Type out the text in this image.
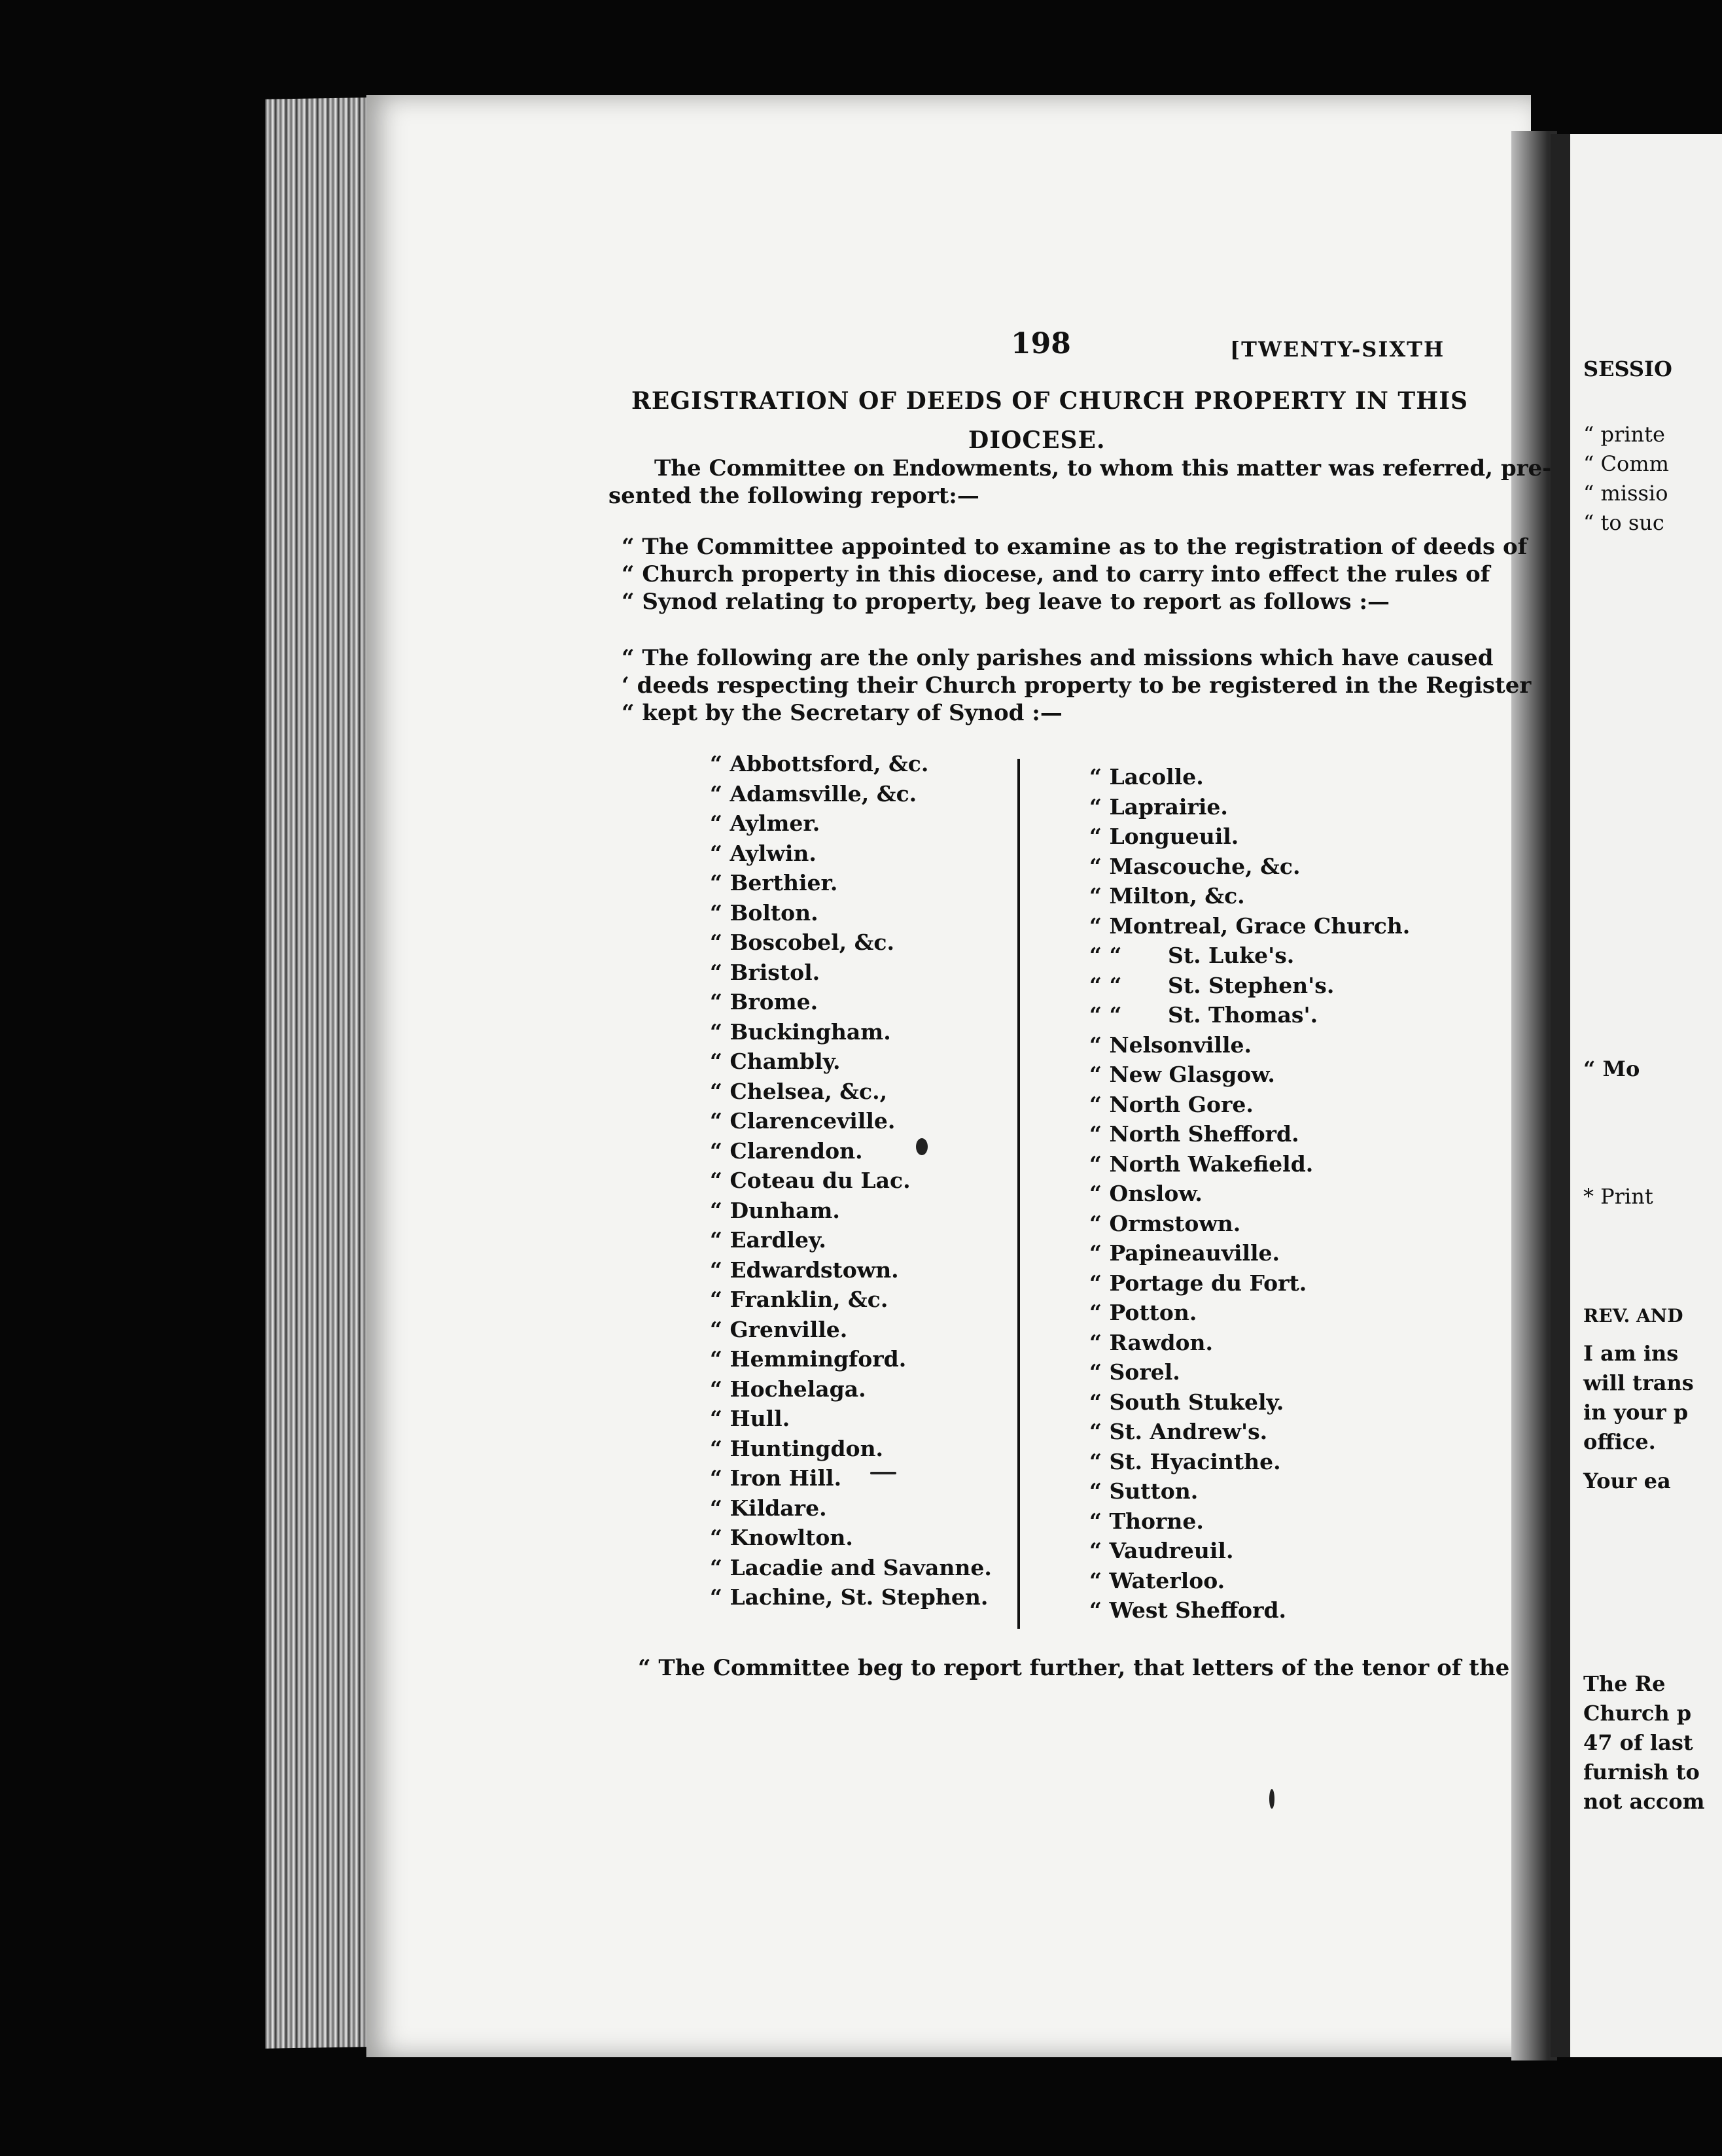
SESSIO
“ printe
“ Comm
“ missio
“ to suc
“ Mo
* Print
REV. AND
I am ins
will trans
in your p
office.
Your ea
The Re
Church p
47 of last
furnish to
not accom
198	[TWENTY-SIXTH
REGISTRATION OF DEEDS OF CHURCH PROPERTY IN THIS
DIOCESE.
The Committee on Endowments, to whom this matter was referred, pre-
sented the following report:—
“ The Committee appointed to examine as to the registration of deeds of
“ Church property in this diocese, and to carry into effect the rules of
“ Synod relating to property, beg leave to report as follows :—
“ The following are the only parishes and missions which have caused
‘ deeds respecting their Church property to be registered in the Register
“ kept by the Secretary of Synod :—
“ Abbottsford, &c.
“ Adamsville, &c.
“ Aylmer.
“ Aylwin.
“ Berthier.
“ Bolton.
“ Boscobel, &c.
“ Bristol.
“ Brome.
“ Buckingham.
“ Chambly.
“ Chelsea, &c.,
“ Clarenceville.
“ Clarendon.
“ Coteau du Lac.
“ Dunham.
“ Eardley.
“ Edwardstown.
“ Franklin, &c.
“ Grenville.
“ Hemmingford.
“ Hochelaga.
“ Hull.
“ Huntingdon.
“ Iron Hill.
“ Kildare.
“ Knowlton.
“ Lacadie and Savanne.
“ Lachine, St. Stephen.
“ Lacolle.
“ Laprairie.
“ Longueuil.
“ Mascouche, &c.
“ Milton, &c.
“ Montreal, Grace Church.
“ “ St. Luke's.
“ “ St. Stephen's.
“ “ St. Thomas'.
“ Nelsonville.
“ New Glasgow.
“ North Gore.
“ North Shefford.
“ North Wakefield.
“ Onslow.
“ Ormstown.
“ Papineauville.
“ Portage du Fort.
“ Potton.
“ Rawdon.
“ Sorel.
“ South Stukely.
“ St. Andrew's.
“ St. Hyacinthe.
“ Sutton.
“ Thorne.
“ Vaudreuil.
“ Waterloo.
“ West Shefford.
“ The Committee beg to report further, that letters of the tenor of the
